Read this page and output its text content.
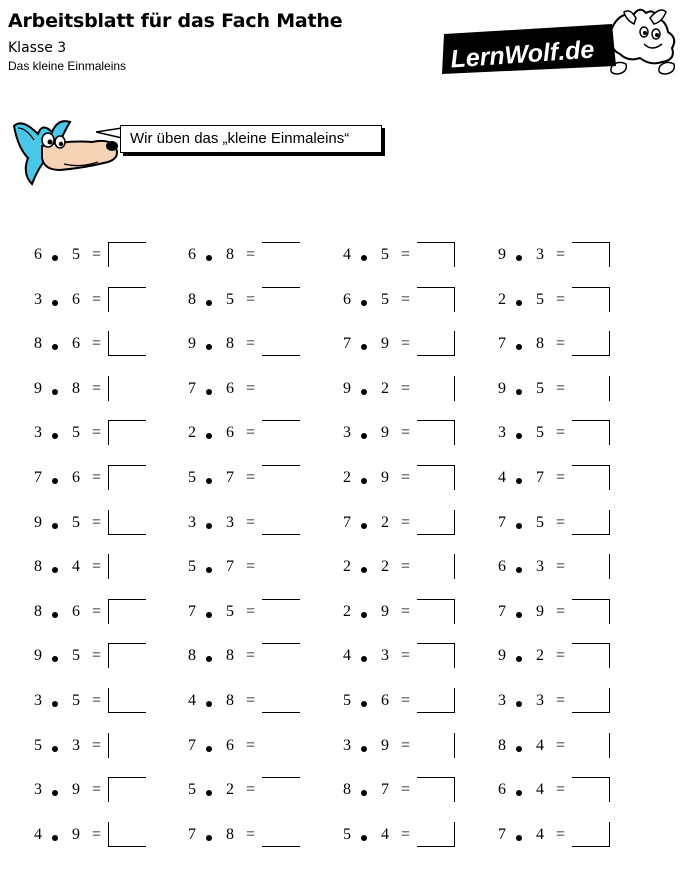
Arbeitsblatt für das Fach Mathe
Klasse 3
Das kleine Einmaleins	LernWolf.de
Wir üben das „kleine Einmaleins“
6 5 =	6 8 =	4 5 =	9 3 =
3 6 =	8 5 =	6 5 =	2 5 =
8 6 =	9 8 =	7 9 =	7 8 =
9 8 =	7 6 =	9 2 =	9 5 =
3 5 =	2 6 =	3 9 =	3 5 =
7 6 =	5 7 =	2 9 =	4 7 =
9 5 =	3 3 =	7 2 =	7 5 =
8 4 =	5 7 =	2 2 =	6 3 =
8 6 =	7 5 =	2 9 =	7 9 =
9 5 =	8 8 =	4 3 =	9 2 =
3 5 =	4 8 =	5 6 =	3 3 =
5 3 =	7 6 =	3 9 =	8 4 =
3 9 =	5 2 =	8 7 =	6 4 =
4 9 =	7 8 =	5 4 =	7 4 =
